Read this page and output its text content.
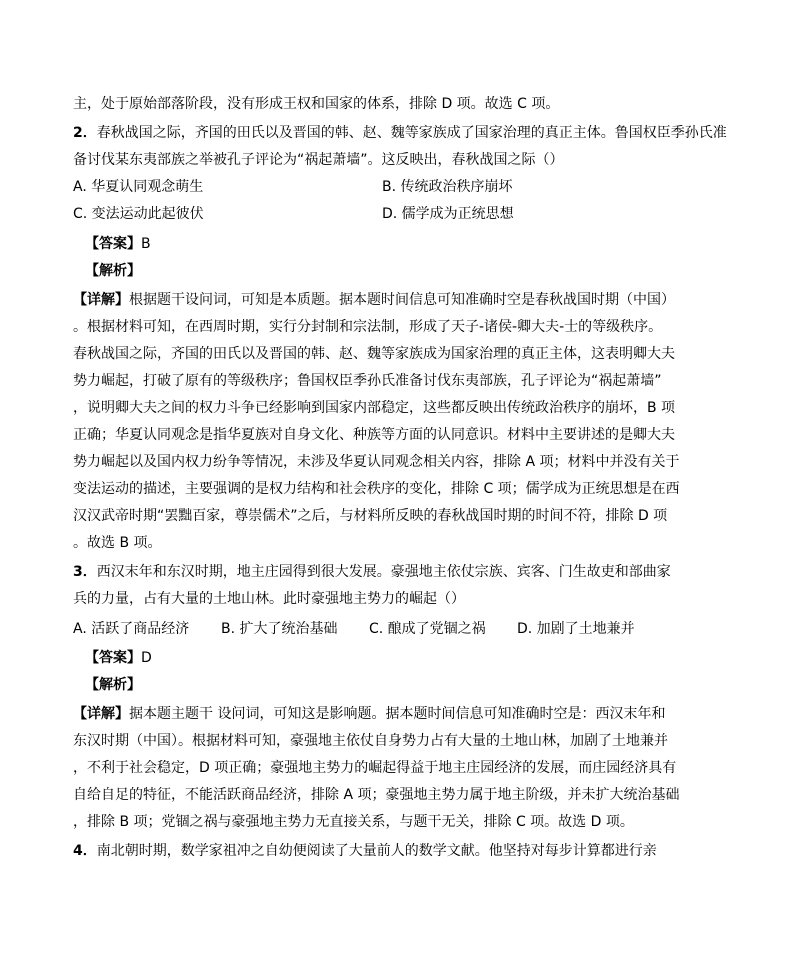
主，处于原始部落阶段，没有形成王权和国家的体系，排除 D 项。故选 C 项。
2．春秋战国之际，齐国的田氏以及晋国的韩、赵、魏等家族成了国家治理的真正主体。鲁国权臣季孙氏准
备讨伐某东夷部族之举被孔子评论为“祸起萧墙”。这反映出，春秋战国之际（）
A. 华夏认同观念萌生	B. 传统政治秩序崩坏
C. 变法运动此起彼伏	D. 儒学成为正统思想
【答案】B
【解析】
【详解】根据题干设问词，可知是本质题。据本题时间信息可知准确时空是春秋战国时期（中国）
。根据材料可知，在西周时期，实行分封制和宗法制，形成了天子-诸侯-卿大夫-士的等级秩序。
春秋战国之际，齐国的田氏以及晋国的韩、赵、魏等家族成为国家治理的真正主体，这表明卿大夫
势力崛起，打破了原有的等级秩序；鲁国权臣季孙氏准备讨伐东夷部族，孔子评论为“祸起萧墙”
，说明卿大夫之间的权力斗争已经影响到国家内部稳定，这些都反映出传统政治秩序的崩坏，B 项
正确；华夏认同观念是指华夏族对自身文化、种族等方面的认同意识。材料中主要讲述的是卿大夫
势力崛起以及国内权力纷争等情况，未涉及华夏认同观念相关内容，排除 A 项；材料中并没有关于
变法运动的描述，主要强调的是权力结构和社会秩序的变化，排除 C 项；儒学成为正统思想是在西
汉汉武帝时期“罢黜百家，尊崇儒术”之后，与材料所反映的春秋战国时期的时间不符，排除 D 项
。故选 B 项。
3．西汉末年和东汉时期，地主庄园得到很大发展。豪强地主依仗宗族、宾客、门生故吏和部曲家
兵的力量，占有大量的土地山林。此时豪强地主势力的崛起（）
A. 活跃了商品经济 B. 扩大了统治基础 C. 酿成了党锢之祸 D. 加剧了土地兼并
【答案】D
【解析】
【详解】据本题主题干 设问词，可知这是影响题。据本题时间信息可知准确时空是：西汉末年和
东汉时期（中国）。根据材料可知，豪强地主依仗自身势力占有大量的土地山林，加剧了土地兼并
，不利于社会稳定，D 项正确；豪强地主势力的崛起得益于地主庄园经济的发展，而庄园经济具有
自给自足的特征，不能活跃商品经济，排除 A 项；豪强地主势力属于地主阶级，并未扩大统治基础
，排除 B 项；党锢之祸与豪强地主势力无直接关系，与题干无关，排除 C 项。故选 D 项。
4．南北朝时期，数学家祖冲之自幼便阅读了大量前人的数学文献。他坚持对每步计算都进行亲
